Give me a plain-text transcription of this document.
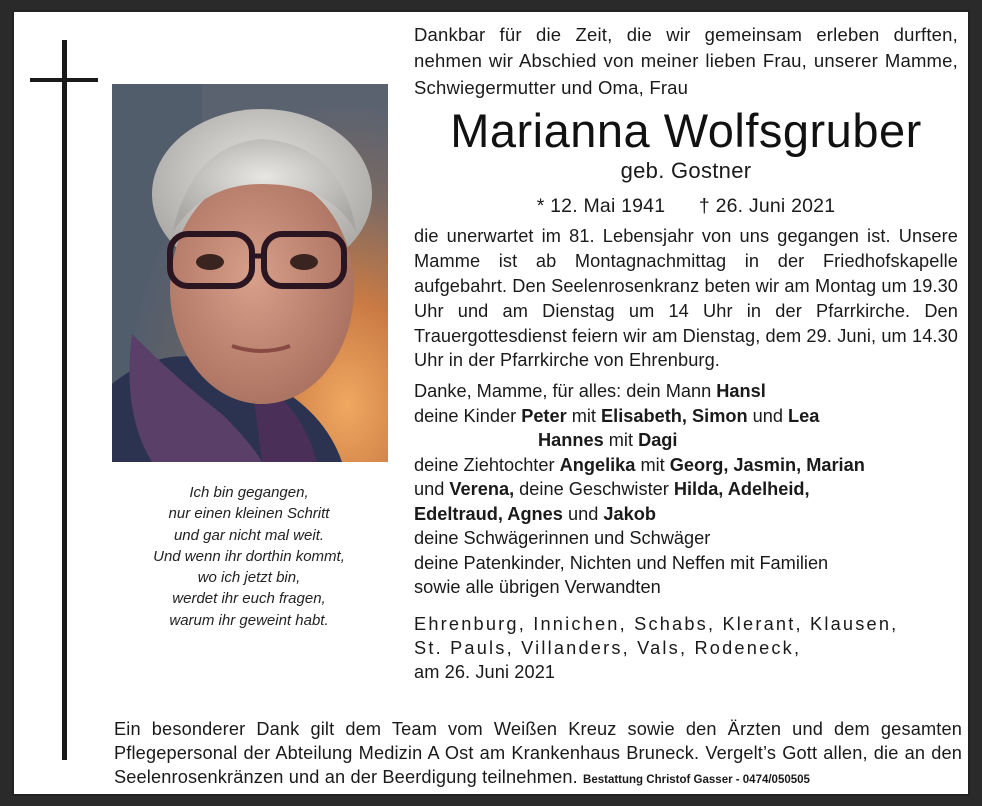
Ich bin gegangen,
nur einen kleinen Schritt
und gar nicht mal weit.
Und wenn ihr dorthin kommt,
wo ich jetzt bin,
werdet ihr euch fragen,
warum ihr geweint habt.
Dankbar für die Zeit, die wir gemeinsam erleben durften, nehmen wir Abschied von meiner lieben Frau, unserer Mamme, Schwiegermutter und Oma, Frau
Marianna Wolfsgruber
geb. Gostner
* 12. Mai 1941 † 26. Juni 2021
die unerwartet im 81. Lebensjahr von uns gegangen ist. Unsere Mamme ist ab Montagnachmittag in der Friedhofskapelle aufgebahrt. Den Seelenrosenkranz beten wir am Montag um 19.30 Uhr und am Dienstag um 14 Uhr in der Pfarrkirche. Den Trauergottesdienst feiern wir am Dienstag, dem 29. Juni, um 14.30 Uhr in der Pfarrkirche von Ehrenburg.
Danke, Mamme, für alles: dein Mann Hansl
deine Kinder Peter mit Elisabeth, Simon und Lea
Hannes mit Dagi
deine Ziehtochter Angelika mit Georg, Jasmin, Marian
und Verena, deine Geschwister Hilda, Adelheid,
Edeltraud, Agnes und Jakob
deine Schwägerinnen und Schwäger
deine Patenkinder, Nichten und Neffen mit Familien
sowie alle übrigen Verwandten
Ehrenburg, Innichen, Schabs, Klerant, Klausen,
St. Pauls, Villanders, Vals, Rodeneck,
am 26. Juni 2021
Ein besonderer Dank gilt dem Team vom Weißen Kreuz sowie den Ärzten und dem gesamten Pflegepersonal der Abteilung Medizin A Ost am Krankenhaus Bruneck. Vergelt’s Gott allen, die an den Seelenrosenkränzen und an der Beerdigung teilnehmen. Bestattung Christof Gasser - 0474/050505
